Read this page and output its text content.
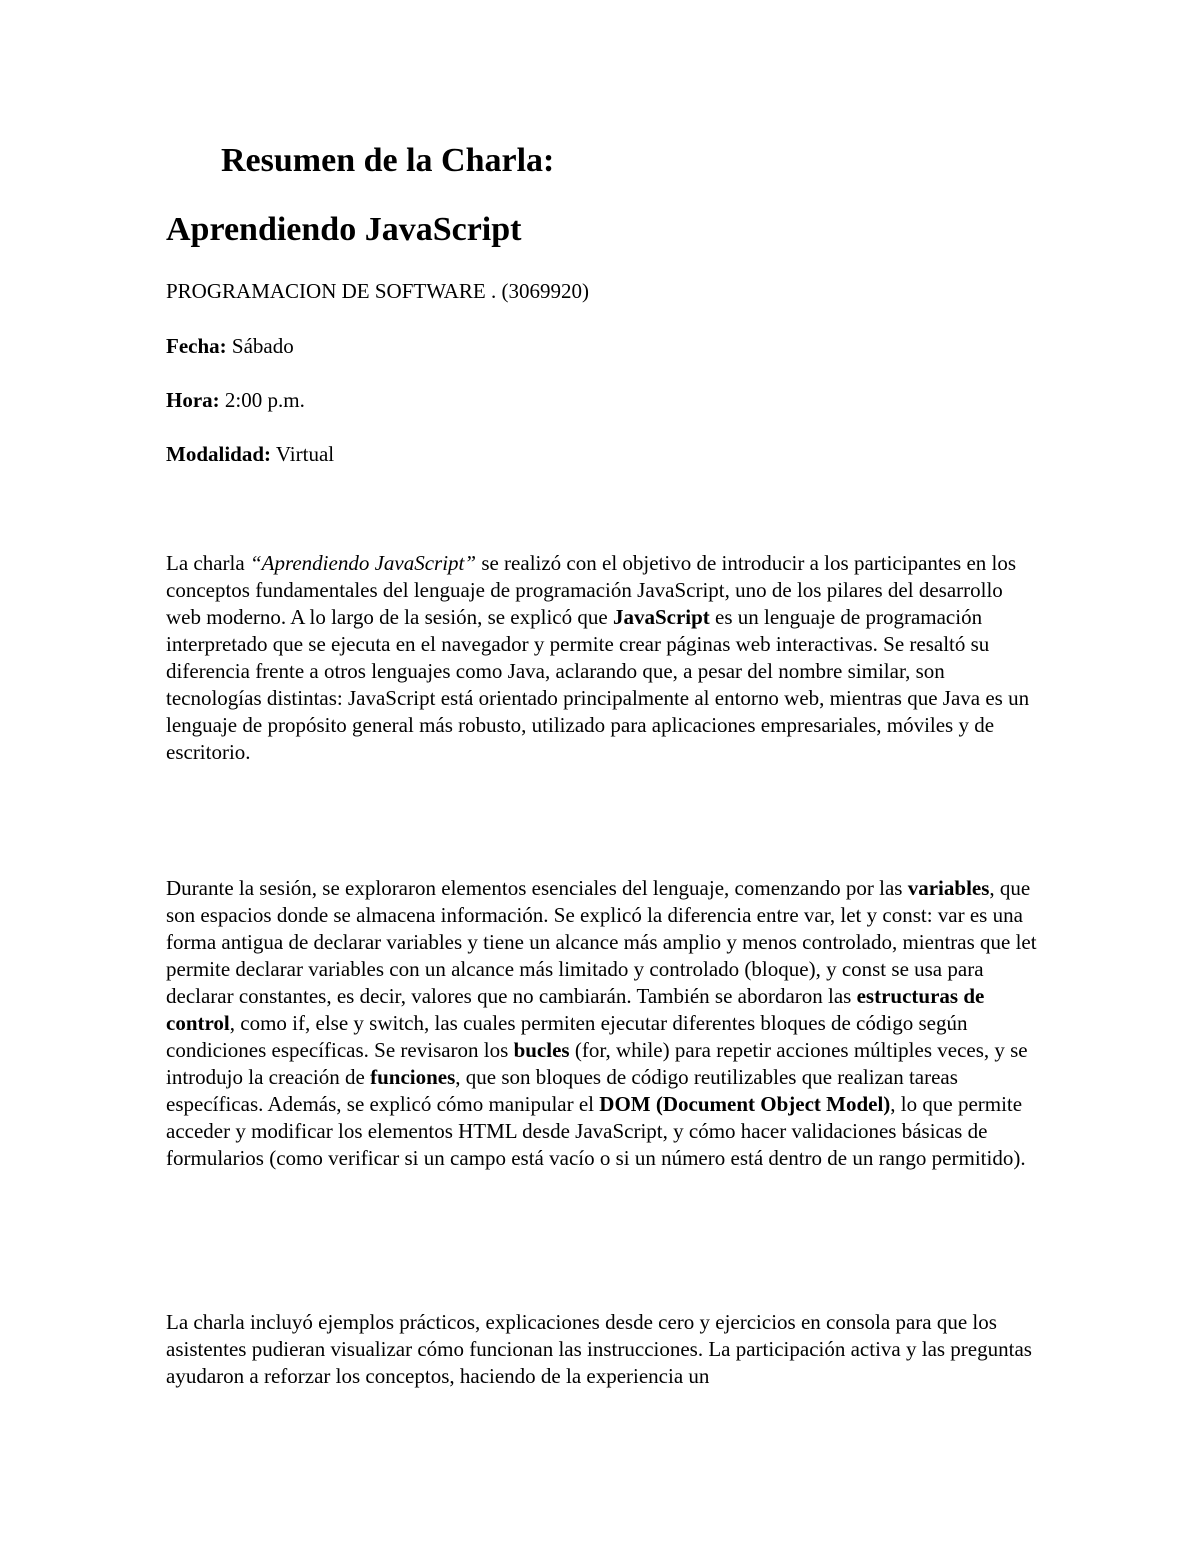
Resumen de la Charla:
Aprendiendo JavaScript
PROGRAMACION DE SOFTWARE . (3069920)
Fecha: Sábado
Hora: 2:00 p.m.
Modalidad: Virtual
La charla “Aprendiendo JavaScript” se realizó con el objetivo de introducir a los participantes en los conceptos fundamentales del lenguaje de programación JavaScript, uno de los pilares del desarrollo web moderno. A lo largo de la sesión, se explicó que JavaScript es un lenguaje de programación interpretado que se ejecuta en el navegador y permite crear páginas web interactivas. Se resaltó su diferencia frente a otros lenguajes como Java, aclarando que, a pesar del nombre similar, son tecnologías distintas: JavaScript está orientado principalmente al entorno web, mientras que Java es un lenguaje de propósito general más robusto, utilizado para aplicaciones empresariales, móviles y de escritorio.
Durante la sesión, se exploraron elementos esenciales del lenguaje, comenzando por las variables, que son espacios donde se almacena información. Se explicó la diferencia entre var, let y const: var es una forma antigua de declarar variables y tiene un alcance más amplio y menos controlado, mientras que let permite declarar variables con un alcance más limitado y controlado (bloque), y const se usa para declarar constantes, es decir, valores que no cambiarán. También se abordaron las estructuras de control, como if, else y switch, las cuales permiten ejecutar diferentes bloques de código según condiciones específicas. Se revisaron los bucles (for, while) para repetir acciones múltiples veces, y se introdujo la creación de funciones, que son bloques de código reutilizables que realizan tareas específicas. Además, se explicó cómo manipular el DOM (Document Object Model), lo que permite acceder y modificar los elementos HTML desde JavaScript, y cómo hacer validaciones básicas de formularios (como verificar si un campo está vacío o si un número está dentro de un rango permitido).
La charla incluyó ejemplos prácticos, explicaciones desde cero y ejercicios en consola para que los asistentes pudieran visualizar cómo funcionan las instrucciones. La participación activa y las preguntas ayudaron a reforzar los conceptos, haciendo de la experiencia un
